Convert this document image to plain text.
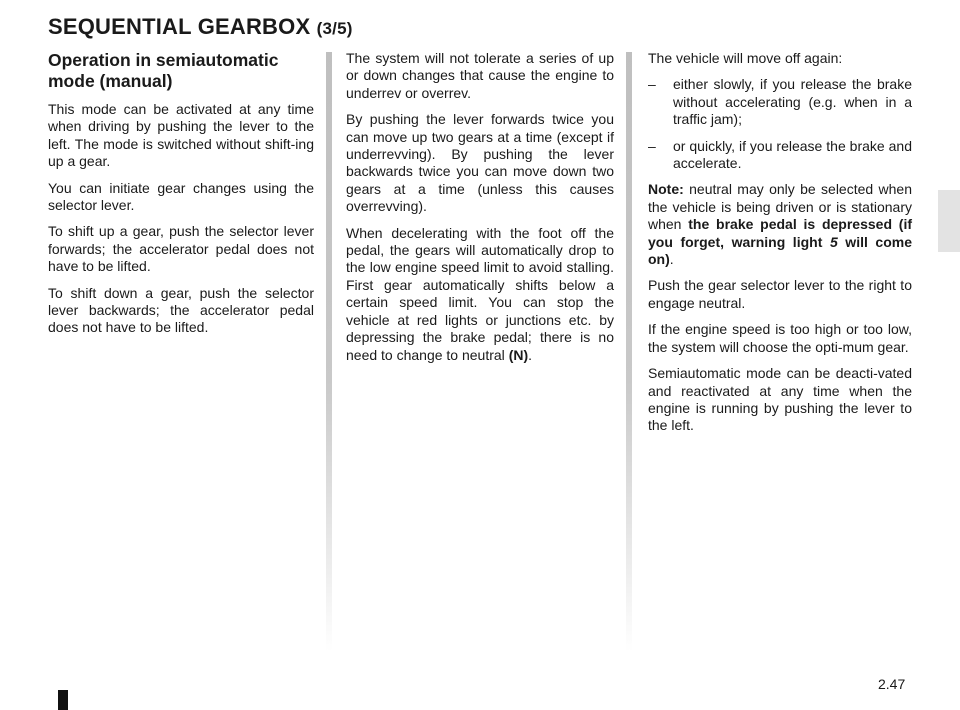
SEQUENTIAL GEARBOX (3/5)

Operation in semiautomatic mode (manual)

This mode can be activated at any time when driving by pushing the lever to the left. The mode is switched without shift-ing up a gear.

You can initiate gear changes using the selector lever.

To shift up a gear, push the selector lever forwards; the accelerator pedal does not have to be lifted.

To shift down a gear, push the selector lever backwards; the accelerator pedal does not have to be lifted.

The system will not tolerate a series of up or down changes that cause the engine to underrev or overrev.

By pushing the lever forwards twice you can move up two gears at a time (except if underrevving). By pushing the lever backwards twice you can move down two gears at a time (unless this causes overrevving).

When decelerating with the foot off the pedal, the gears will automatically drop to the low engine speed limit to avoid stalling. First gear automatically shifts below a certain speed limit. You can stop the vehicle at red lights or junctions etc. by depressing the brake pedal; there is no need to change to neutral (N).

The vehicle will move off again:

– either slowly, if you release the brake without accelerating (e.g. when in a traffic jam);

– or quickly, if you release the brake and accelerate.

Note: neutral may only be selected when the vehicle is being driven or is stationary when the brake pedal is depressed (if you forget, warning light 5 will come on).

Push the gear selector lever to the right to engage neutral.

If the engine speed is too high or too low, the system will choose the opti-mum gear.

Semiautomatic mode can be deacti-vated and reactivated at any time when the engine is running by pushing the lever to the left.

2.47
